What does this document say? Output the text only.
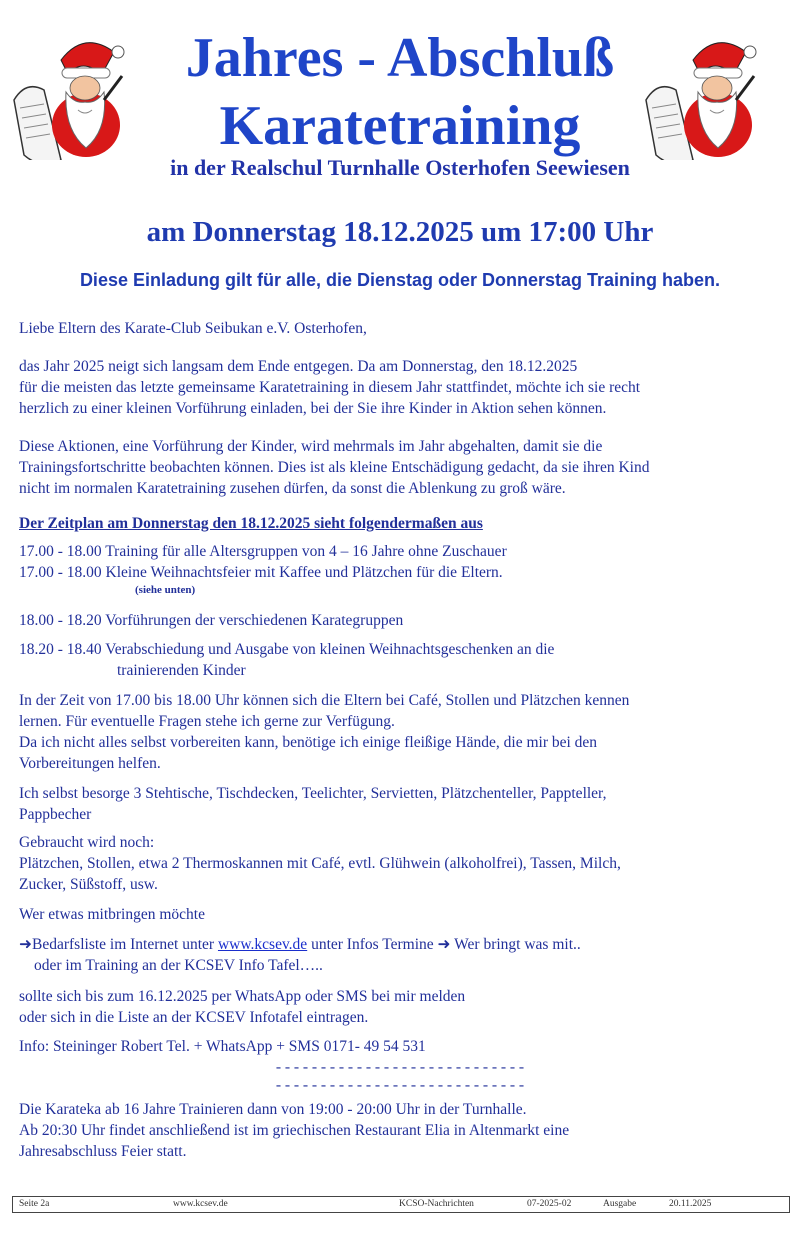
Jahres - Abschluß
Karatetraining
in der Realschul Turnhalle Osterhofen Seewiesen
am Donnerstag 18.12.2025 um 17:00 Uhr
Diese Einladung gilt für alle, die Dienstag oder Donnerstag Training haben.
Liebe Eltern des Karate-Club Seibukan e.V. Osterhofen,
das Jahr 2025 neigt sich langsam dem Ende entgegen. Da am Donnerstag, den 18.12.2025
für die meisten das letzte gemeinsame Karatetraining in diesem Jahr stattfindet, möchte ich sie recht
herzlich zu einer kleinen Vorführung einladen, bei der Sie ihre Kinder in Aktion sehen können.
Diese Aktionen, eine Vorführung der Kinder, wird mehrmals im Jahr abgehalten, damit sie die
Trainingsfortschritte beobachten können. Dies ist als kleine Entschädigung gedacht, da sie ihren Kind
nicht im normalen Karatetraining zusehen dürfen, da sonst die Ablenkung zu groß wäre.
Der Zeitplan am Donnerstag den 18.12.2025 sieht folgendermaßen aus
17.00 - 18.00 Training für alle Altersgruppen von 4 – 16 Jahre ohne Zuschauer
17.00 - 18.00 Kleine Weihnachtsfeier mit Kaffee und Plätzchen für die Eltern.
(siehe unten)
18.00 - 18.20 Vorführungen der verschiedenen Karategruppen
18.20 - 18.40 Verabschiedung und Ausgabe von kleinen Weihnachtsgeschenken an die
trainierenden Kinder
In der Zeit von 17.00 bis 18.00 Uhr können sich die Eltern bei Café, Stollen und Plätzchen kennen
lernen. Für eventuelle Fragen stehe ich gerne zur Verfügung.
Da ich nicht alles selbst vorbereiten kann, benötige ich einige fleißige Hände, die mir bei den
Vorbereitungen helfen.
Ich selbst besorge 3 Stehtische, Tischdecken, Teelichter, Servietten, Plätzchenteller, Pappteller,
Pappbecher
Gebraucht wird noch:
Plätzchen, Stollen, etwa 2 Thermoskannen mit Café, evtl. Glühwein (alkoholfrei), Tassen, Milch,
Zucker, Süßstoff, usw.
Wer etwas mitbringen möchte
➜Bedarfsliste im Internet unter www.kcsev.de unter Infos Termine ➜ Wer bringt was mit..
oder im Training an der KCSEV Info Tafel…..
sollte sich bis zum 16.12.2025 per WhatsApp oder SMS bei mir melden
oder sich in die Liste an der KCSEV Infotafel eintragen.
Info: Steininger Robert Tel. + WhatsApp + SMS 0171- 49 54 531
----------------------------
----------------------------
Die Karateka ab 16 Jahre Trainieren dann von 19:00 - 20:00 Uhr in der Turnhalle.
Ab 20:30 Uhr findet anschließend ist im griechischen Restaurant Elia in Altenmarkt eine
Jahresabschluss Feier statt.
Seite 2a	www.kcsev.de	KCSO-Nachrichten	07-2025-02	Ausgabe	20.11.2025
